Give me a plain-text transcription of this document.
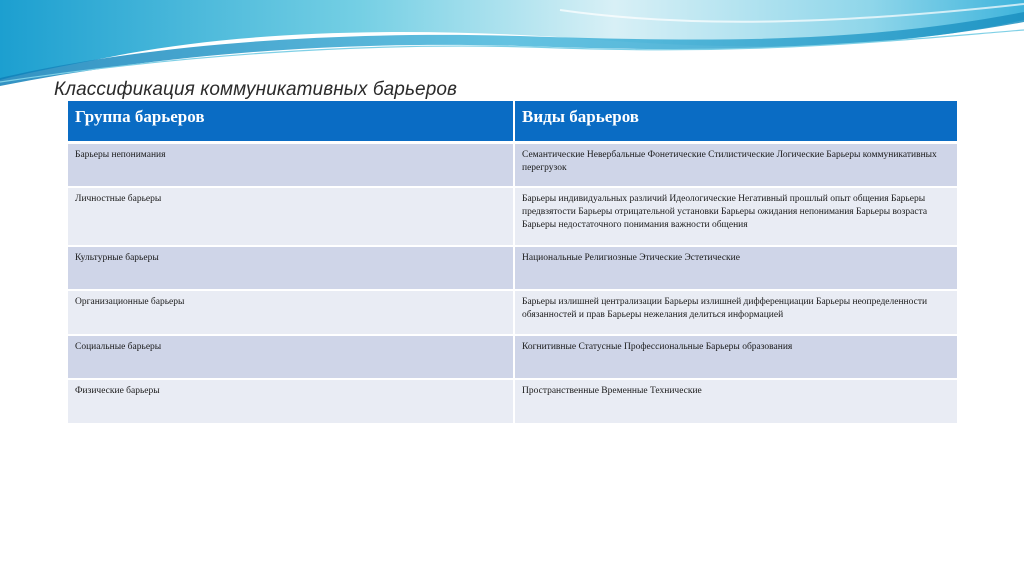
Классификация коммуникативных барьеров
Группа барьеров	Виды барьеров
Барьеры непонимания	Семантические Невербальные Фонетические Стилистические Логические Барьеры коммуникативных перегрузок
Личностные барьеры	Барьеры индивидуальных различий Идеологические Негативный прошлый опыт общения Барьеры предвзятости Барьеры отрицательной установки Барьеры ожидания непонимания Барьеры возраста Барьеры недостаточного понимания важности общения
Культурные барьеры	Национальные Религиозные Этические Эстетические
Организационные барьеры	Барьеры излишней централизации Барьеры излишней дифференциации Барьеры неопределенности обязанностей и прав Барьеры нежелания делиться информацией
Социальные барьеры	Когнитивные Статусные Профессиональные Барьеры образования
Физические барьеры	Пространственные Временные Технические
